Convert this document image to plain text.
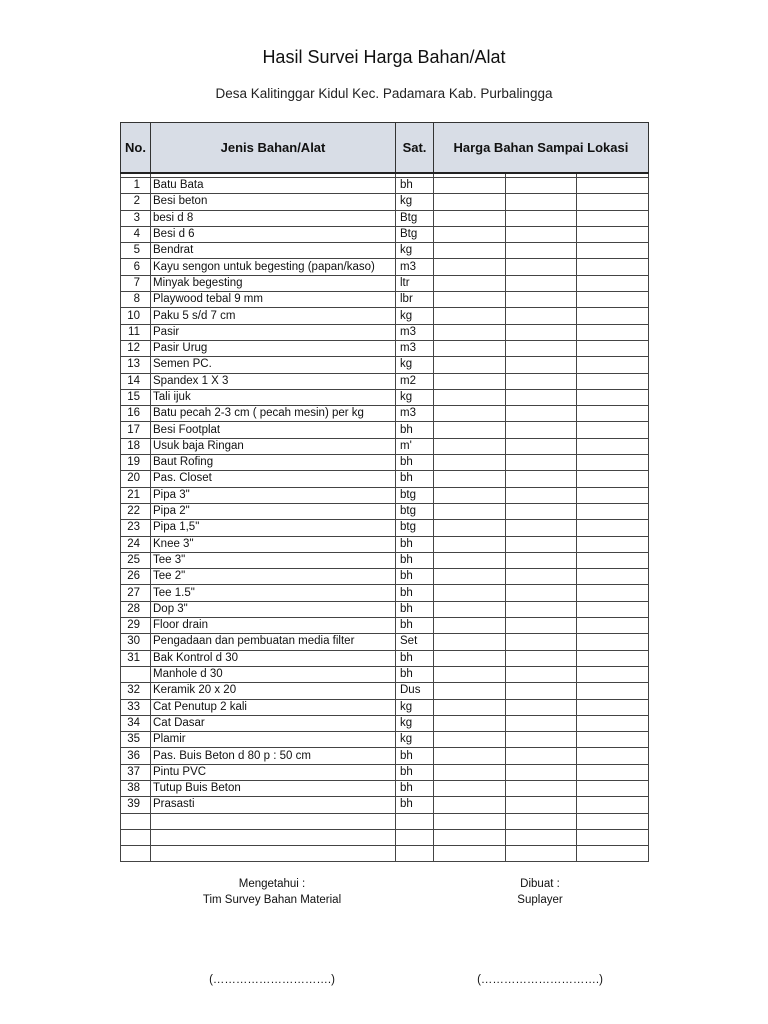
Hasil Survei Harga Bahan/Alat
Desa Kalitinggar Kidul Kec. Padamara Kab. Purbalingga
No.	Jenis Bahan/Alat	Sat.	Harga Bahan Sampai Lokasi		

1	Batu Bata	bh			
2	Besi beton	kg			
3	besi d 8	Btg			
4	Besi d 6	Btg			
5	Bendrat	kg			
6	Kayu sengon untuk begesting (papan/kaso)	m3			
7	Minyak begesting	ltr			
8	Playwood tebal 9 mm	lbr			
10	Paku 5 s/d 7 cm	kg			
11	Pasir	m3			
12	Pasir Urug	m3			
13	Semen PC.	kg			
14	Spandex 1 X 3	m2			
15	Tali ijuk	kg			
16	Batu pecah 2-3 cm ( pecah mesin) per kg	m3			
17	Besi Footplat	bh			
18	Usuk baja Ringan	m'			
19	Baut Rofing	bh			
20	Pas. Closet	bh			
21	Pipa 3"	btg			
22	Pipa 2"	btg			
23	Pipa 1,5"	btg			
24	Knee 3"	bh			
25	Tee 3"	bh			
26	Tee 2"	bh			
27	Tee 1.5"	bh			
28	Dop 3"	bh			
29	Floor drain	bh			
30	Pengadaan dan pembuatan media filter	Set			
31	Bak Kontrol d 30	bh			
	Manhole d 30	bh			
32	Keramik 20 x 20	Dus			
33	Cat Penutup 2 kali	kg			
34	Cat Dasar	kg			
35	Plamir	kg			
36	Pas. Buis Beton d 80 p : 50 cm	bh			
37	Pintu PVC	bh			
38	Tutup Buis Beton	bh			
39	Prasasti	bh			

Mengetahui :
Tim Survey Bahan Material
Dibuat :
Suplayer
(………………………….)	(………………………….)
